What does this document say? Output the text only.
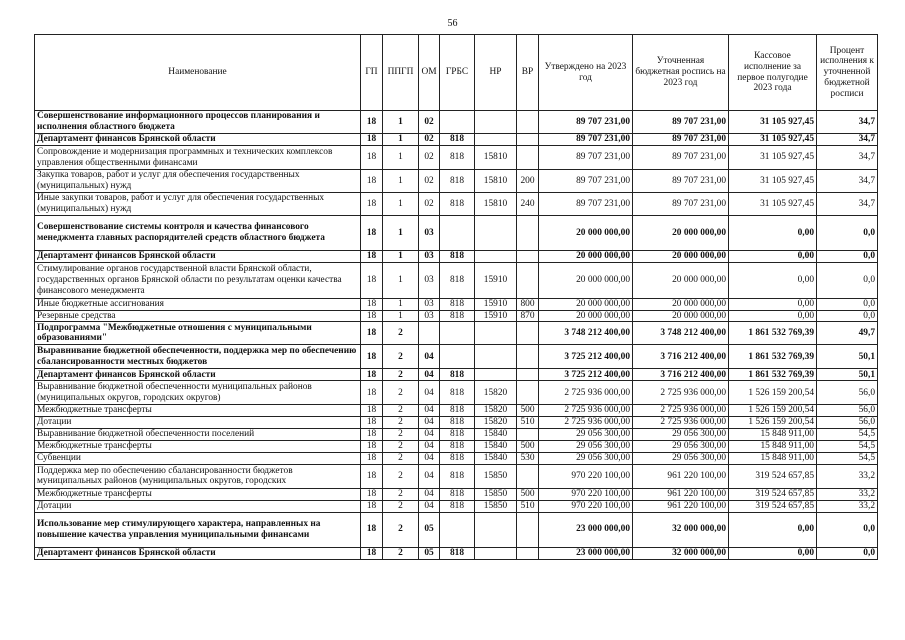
56
Наименование	ГП	ППГП	ОМ	ГРБС	НР	ВР	Утверждено на 2023 год	Уточненная бюджетная роспись на 2023 год	Кассовое исполнение за первое полугодие 2023 года	Процент исполнения к уточненной бюджетной росписи
Совершенствование информационного процессов планирования и исполнения областного бюджета	18	1	02				89 707 231,00	89 707 231,00	31 105 927,45	34,7
Департамент финансов Брянской области	18	1	02	818			89 707 231,00	89 707 231,00	31 105 927,45	34,7
Сопровождение и модернизация программных и технических комплексов управления общественными финансами	18	1	02	818	15810		89 707 231,00	89 707 231,00	31 105 927,45	34,7
Закупка товаров, работ и услуг для обеспечения государственных (муниципальных) нужд	18	1	02	818	15810	200	89 707 231,00	89 707 231,00	31 105 927,45	34,7
Иные закупки товаров, работ и услуг для обеспечения государственных (муниципальных) нужд	18	1	02	818	15810	240	89 707 231,00	89 707 231,00	31 105 927,45	34,7
Совершенствование системы контроля и качества финансового менеджмента главных распорядителей средств областного бюджета	18	1	03				20 000 000,00	20 000 000,00	0,00	0,0
Департамент финансов Брянской области	18	1	03	818			20 000 000,00	20 000 000,00	0,00	0,0
Стимулирование органов государственной власти Брянской области, государственных органов Брянской области по результатам оценки качества финансового менеджмента	18	1	03	818	15910		20 000 000,00	20 000 000,00	0,00	0,0
Иные бюджетные ассигнования	18	1	03	818	15910	800	20 000 000,00	20 000 000,00	0,00	0,0
Резервные средства	18	1	03	818	15910	870	20 000 000,00	20 000 000,00	0,00	0,0
Подпрограмма "Межбюджетные отношения с муниципальными образованиями"	18	2					3 748 212 400,00	3 748 212 400,00	1 861 532 769,39	49,7
Выравнивание бюджетной обеспеченности, поддержка мер по обеспечению сбалансированности местных бюджетов	18	2	04				3 725 212 400,00	3 716 212 400,00	1 861 532 769,39	50,1
Департамент финансов Брянской области	18	2	04	818			3 725 212 400,00	3 716 212 400,00	1 861 532 769,39	50,1
Выравнивание бюджетной обеспеченности муниципальных районов (муниципальных округов, городских округов)	18	2	04	818	15820		2 725 936 000,00	2 725 936 000,00	1 526 159 200,54	56,0
Межбюджетные трансферты	18	2	04	818	15820	500	2 725 936 000,00	2 725 936 000,00	1 526 159 200,54	56,0
Дотации	18	2	04	818	15820	510	2 725 936 000,00	2 725 936 000,00	1 526 159 200,54	56,0
Выравнивание бюджетной обеспеченности поселений	18	2	04	818	15840		29 056 300,00	29 056 300,00	15 848 911,00	54,5
Межбюджетные трансферты	18	2	04	818	15840	500	29 056 300,00	29 056 300,00	15 848 911,00	54,5
Субвенции	18	2	04	818	15840	530	29 056 300,00	29 056 300,00	15 848 911,00	54,5
Поддержка мер по обеспечению сбалансированности бюджетов муниципальных районов (муниципальных округов, городских	18	2	04	818	15850		970 220 100,00	961 220 100,00	319 524 657,85	33,2
Межбюджетные трансферты	18	2	04	818	15850	500	970 220 100,00	961 220 100,00	319 524 657,85	33,2
Дотации	18	2	04	818	15850	510	970 220 100,00	961 220 100,00	319 524 657,85	33,2
Использование мер стимулирующего характера, направленных на повышение качества управления муниципальными финансами	18	2	05				23 000 000,00	32 000 000,00	0,00	0,0
Департамент финансов Брянской области	18	2	05	818			23 000 000,00	32 000 000,00	0,00	0,0
